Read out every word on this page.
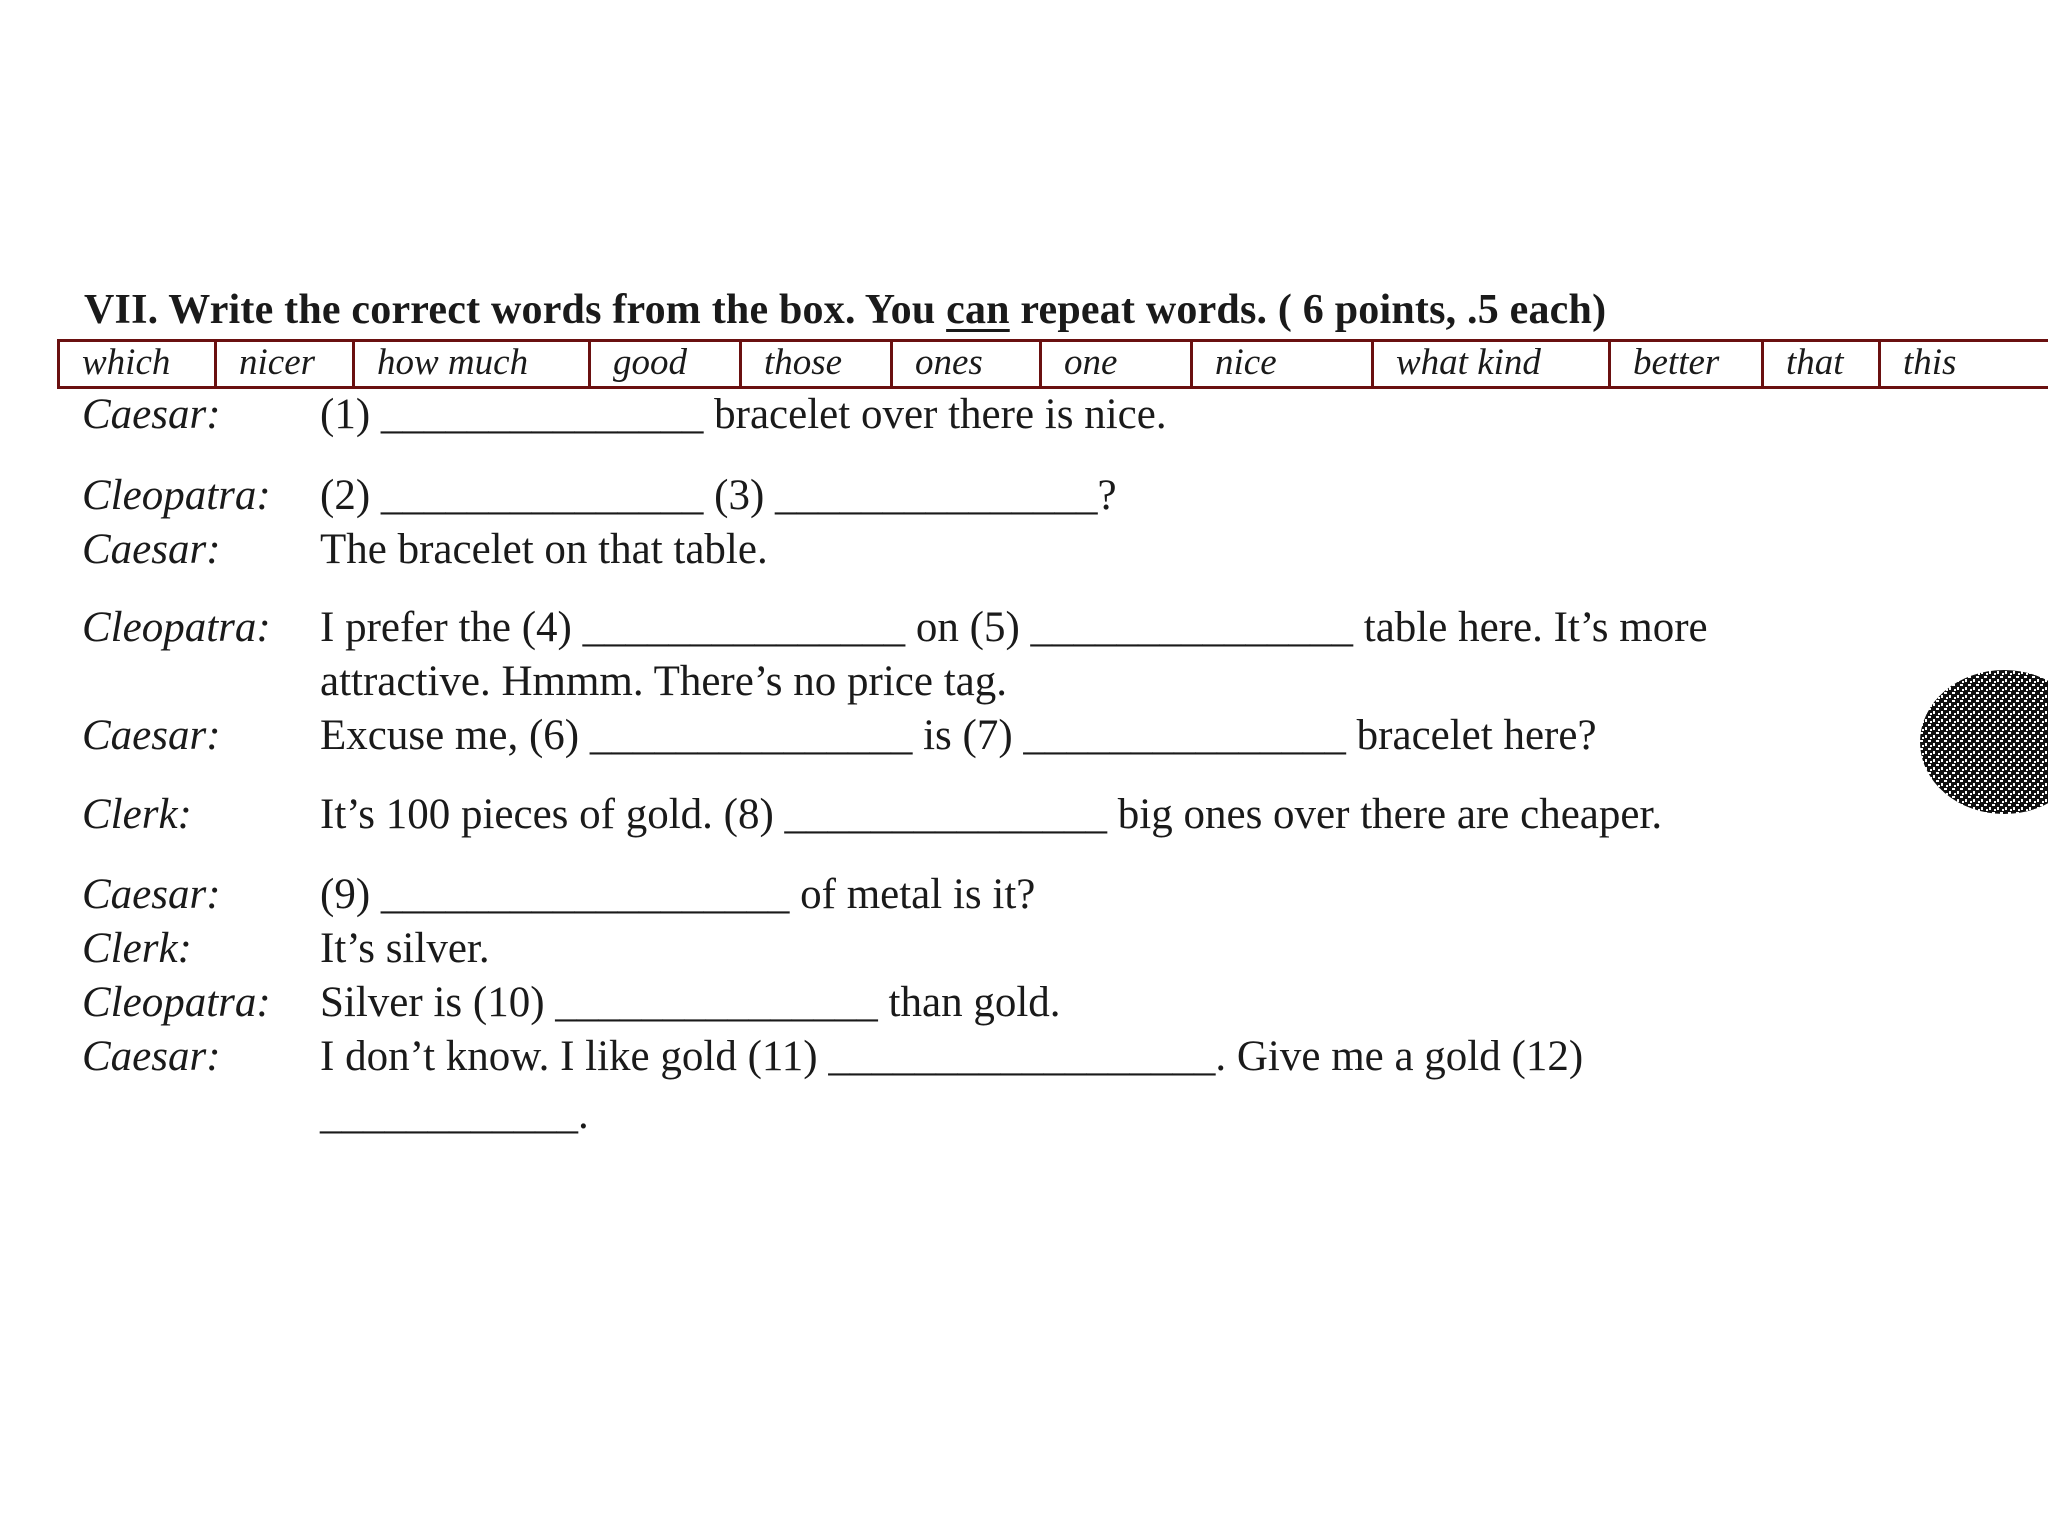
VII. Write the correct words from the box. You can repeat words. ( 6 points, .5 each)
which	nicer	how much	good	those	ones	one	nice	what kind	better	that	this
Caesar: (1) _______________ bracelet over there is nice.
Cleopatra: (2) _______________ (3) _______________?
Caesar: The bracelet on that table.
Cleopatra: I prefer the (4) _______________ on (5) _______________ table here. It’s more
attractive. Hmmm. There’s no price tag.
Caesar: Excuse me, (6) _______________ is (7) _______________ bracelet here?
Clerk:	It’s 100 pieces of gold. (8) _______________ big ones over there are cheaper.
Caesar: (9) ___________________ of metal is it?
Clerk:	It’s silver.
Cleopatra: Silver is (10) _______________ than gold.
Caesar: I don’t know. I like gold (11) __________________. Give me a gold (12)
____________.
